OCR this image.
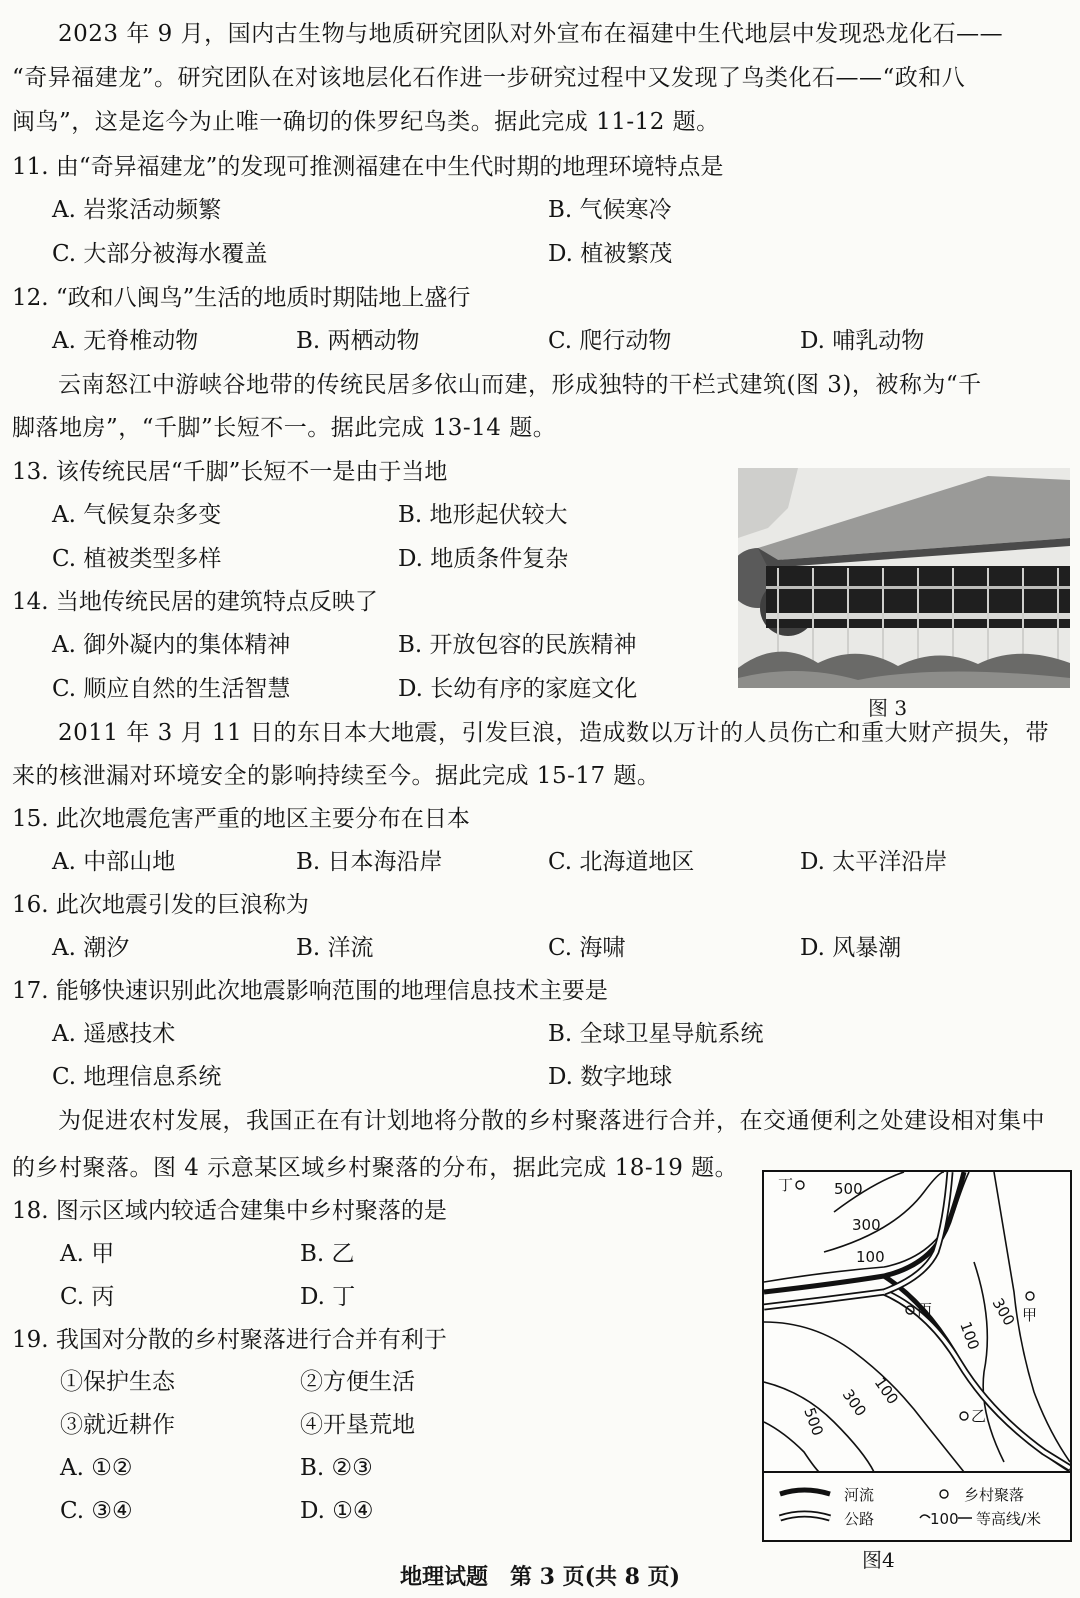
2023 年 9 月，国内古生物与地质研究团队对外宣布在福建中生代地层中发现恐龙化石——
“奇异福建龙”。研究团队在对该地层化石作进一步研究过程中又发现了鸟类化石——“政和八
闽鸟”，这是迄今为止唯一确切的侏罗纪鸟类。据此完成 11-12 题。
11. 由“奇异福建龙”的发现可推测福建在中生代时期的地理环境特点是
A. 岩浆活动频繁	B. 气候寒冷
C. 大部分被海水覆盖	D. 植被繁茂
12. “政和八闽鸟”生活的地质时期陆地上盛行
A. 无脊椎动物	B. 两栖动物	C. 爬行动物	D. 哺乳动物
云南怒江中游峡谷地带的传统民居多依山而建，形成独特的干栏式建筑(图 3)，被称为“千
脚落地房”，“千脚”长短不一。据此完成 13-14 题。
13. 该传统民居“千脚”长短不一是由于当地
A. 气候复杂多变	B. 地形起伏较大
C. 植被类型多样	D. 地质条件复杂
14. 当地传统民居的建筑特点反映了
A. 御外凝内的集体精神	B. 开放包容的民族精神
C. 顺应自然的生活智慧	D. 长幼有序的家庭文化
图 3
2011 年 3 月 11 日的东日本大地震，引发巨浪，造成数以万计的人员伤亡和重大财产损失，带
来的核泄漏对环境安全的影响持续至今。据此完成 15-17 题。
15. 此次地震危害严重的地区主要分布在日本
A. 中部山地	B. 日本海沿岸	C. 北海道地区	D. 太平洋沿岸
16. 此次地震引发的巨浪称为
A. 潮汐	B. 洋流	C. 海啸	D. 风暴潮
17. 能够快速识别此次地震影响范围的地理信息技术主要是
A. 遥感技术	B. 全球卫星导航系统
C. 地理信息系统	D. 数字地球
为促进农村发展，我国正在有计划地将分散的乡村聚落进行合并，在交通便利之处建设相对集中
的乡村聚落。图 4 示意某区域乡村聚落的分布，据此完成 18-19 题。
18. 图示区域内较适合建集中乡村聚落的是
A. 甲	B. 乙
C. 丙	D. 丁
19. 我国对分散的乡村聚落进行合并有利于
①保护生态	②方便生活
③就近耕作	④开垦荒地
A. ①②	B. ②③
C. ③④	D. ①④
500
300
100
300
100
100
300
500
丁
丙	甲
乙
河流
公路
乡村聚落
100 等高线/米
图4
地理试题　第 3 页(共 8 页)
